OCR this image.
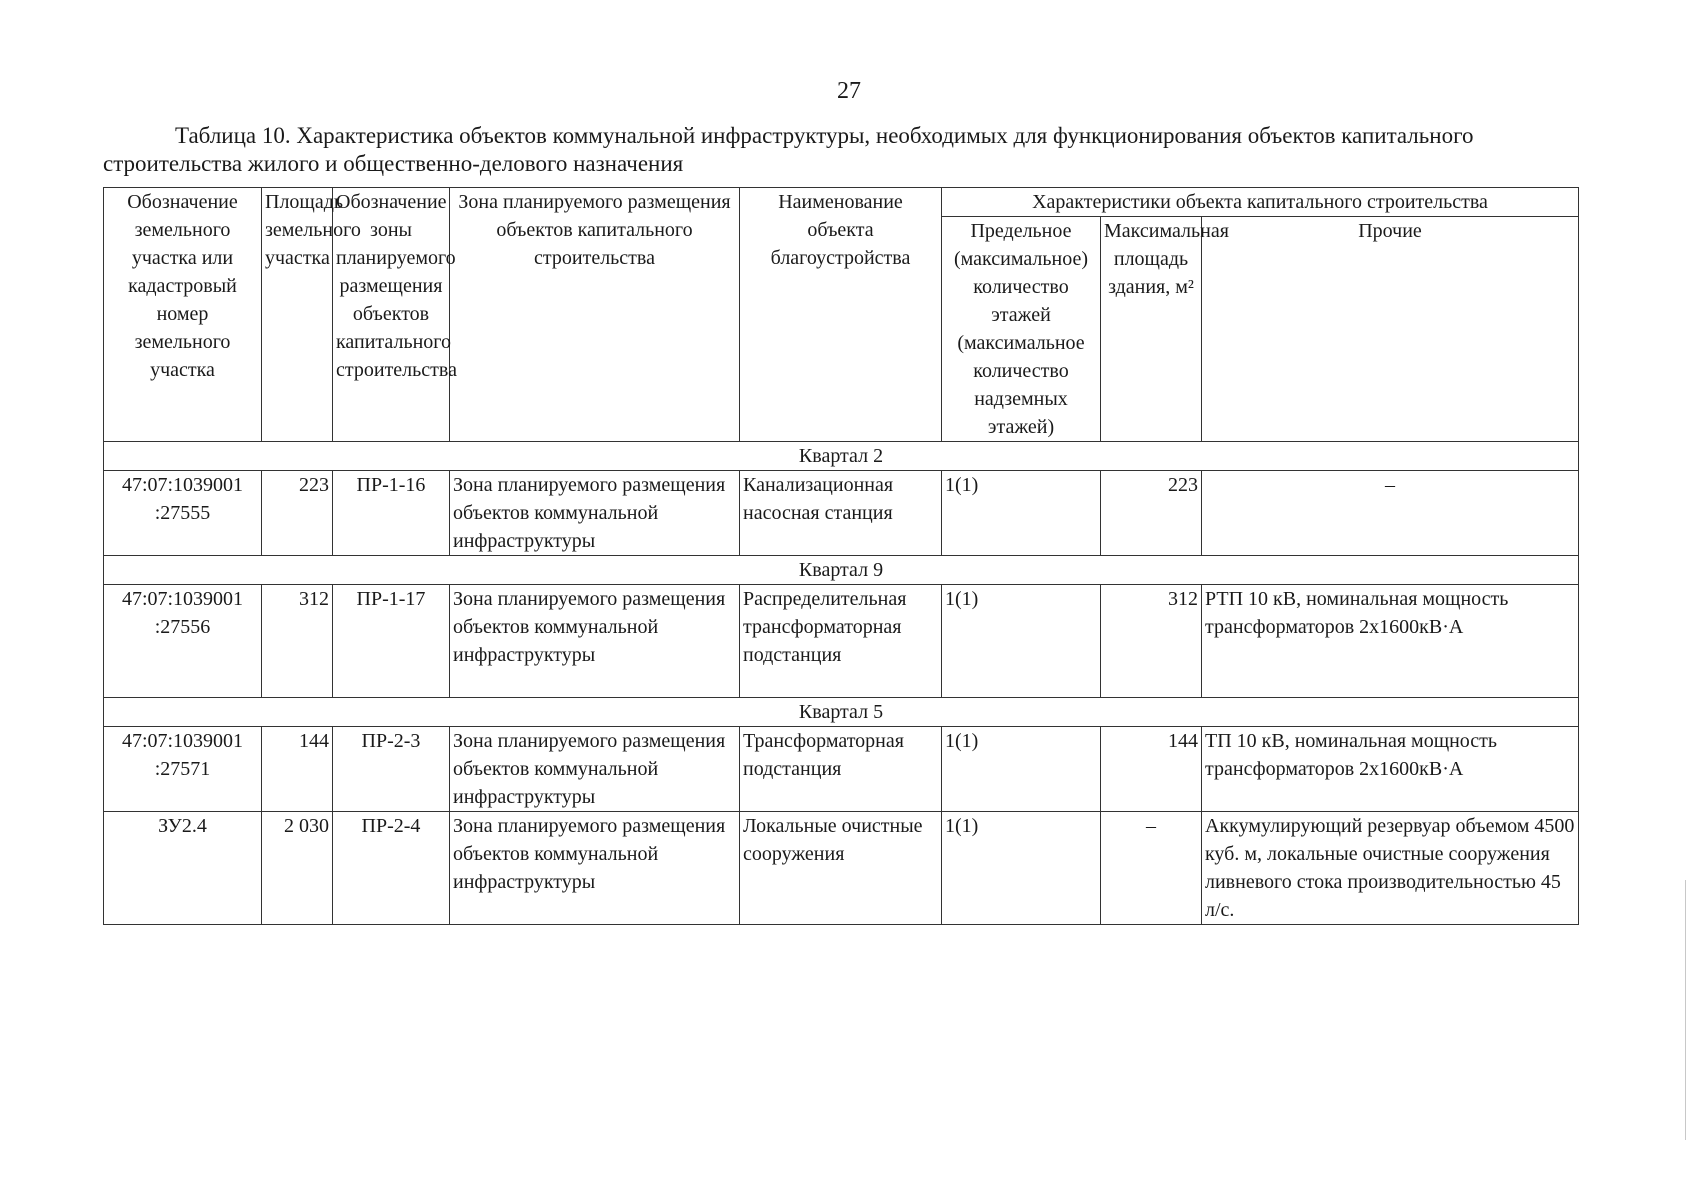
27
Таблица 10. Характеристика объектов коммунальной инфраструктуры, необходимых для функционирования объектов капитального строительства жилого и общественно-делового назначения
Обозначение земельного участка или кадастровый номер земельного участка	Площадь земельного участка	Обозначение зоны планируемого размещения объектов капитального строительства	Зона планируемого размещения объектов капитального строительства	Наименование объекта благоустройства	Характеристики объекта капитального строительства		
					Предельное (максимальное) количество этажей (максимальное количество надземных этажей)	Максимальная площадь здания, м²	Прочие
Квартал 2							
47:07:1039001 :27555	223	ПР-1-16	Зона планируемого размещения объектов коммунальной инфраструктуры	Канализационная насосная станция	1(1)	223	–
Квартал 9							
47:07:1039001 :27556	312	ПР-1-17	Зона планируемого размещения объектов коммунальной инфраструктуры	Распределительная трансформаторная подстанция	1(1)	312	РТП 10 кВ, номинальная мощность трансформаторов 2х1600кВ·А
Квартал 5							
47:07:1039001 :27571	144	ПР-2-3	Зона планируемого размещения объектов коммунальной инфраструктуры	Трансформаторная подстанция	1(1)	144	ТП 10 кВ, номинальная мощность трансформаторов 2х1600кВ·А
ЗУ2.4	2 030	ПР-2-4	Зона планируемого размещения объектов коммунальной инфраструктуры	Локальные очистные сооружения	1(1)	–	Аккумулирующий резервуар объемом 4500 куб. м, локальные очистные сооружения ливневого стока производительностью 45 л/с.
